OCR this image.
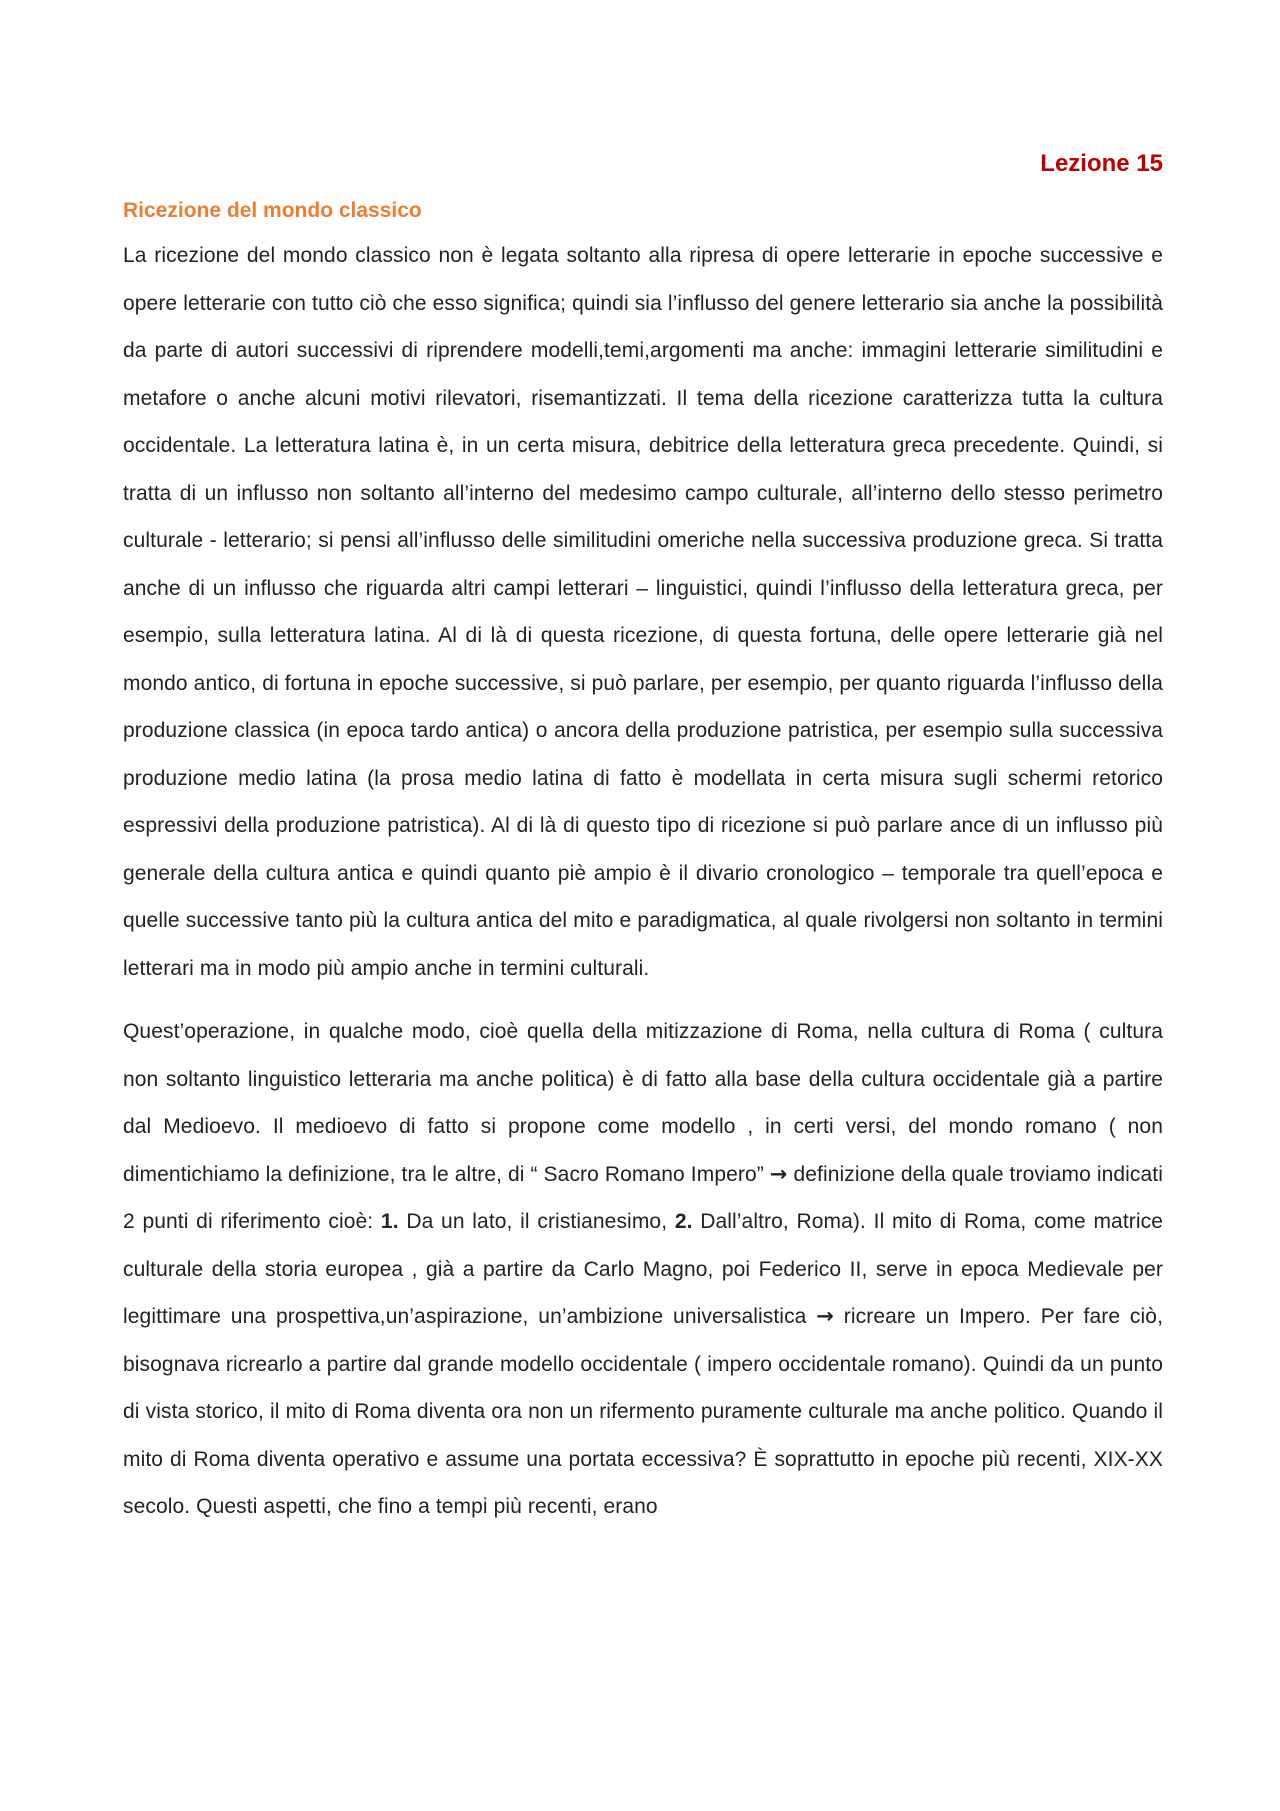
Lezione 15
Ricezione del mondo classico

La ricezione del mondo classico non è legata soltanto alla ripresa di opere letterarie in epoche successive e opere letterarie con tutto ciò che esso significa; quindi sia l’influsso del genere letterario sia anche la possibilità da parte di autori successivi di riprendere modelli,temi,argomenti ma anche: immagini letterarie similitudini e metafore o anche alcuni motivi rilevatori, risemantizzati. Il tema della ricezione caratterizza tutta la cultura occidentale. La letteratura latina è, in un certa misura, debitrice della letteratura greca precedente. Quindi, si tratta di un influsso non soltanto all’interno del medesimo campo culturale, all’interno dello stesso perimetro culturale - letterario; si pensi all’influsso delle similitudini omeriche nella successiva produzione greca. Si tratta anche di un influsso che riguarda altri campi letterari – linguistici, quindi l’influsso della letteratura greca, per esempio, sulla letteratura latina. Al di là di questa ricezione, di questa fortuna, delle opere letterarie già nel mondo antico, di fortuna in epoche successive, si può parlare, per esempio, per quanto riguarda l’influsso della produzione classica (in epoca tardo antica) o ancora della produzione patristica, per esempio sulla successiva produzione medio latina (la prosa medio latina di fatto è modellata in certa misura sugli schermi retorico espressivi della produzione patristica). Al di là di questo tipo di ricezione si può parlare ance di un influsso più generale della cultura antica e quindi quanto piè ampio è il divario cronologico – temporale tra quell’epoca e quelle successive tanto più la cultura antica del mito e paradigmatica, al quale rivolgersi non soltanto in termini letterari ma in modo più ampio anche in termini culturali.

Quest’operazione, in qualche modo, cioè quella della mitizzazione di Roma, nella cultura di Roma ( cultura non soltanto linguistico letteraria ma anche politica) è di fatto alla base della cultura occidentale già a partire dal Medioevo. Il medioevo di fatto si propone come modello , in certi versi, del mondo romano ( non dimentichiamo la definizione, tra le altre, di “ Sacro Romano Impero” → definizione della quale troviamo indicati 2 punti di riferimento cioè: 1. Da un lato, il cristianesimo, 2. Dall’altro, Roma). Il mito di Roma, come matrice culturale della storia europea , già a partire da Carlo Magno, poi Federico II, serve in epoca Medievale per legittimare una prospettiva,un’aspirazione, un’ambizione universalistica → ricreare un Impero. Per fare ciò, bisognava ricrearlo a partire dal grande modello occidentale ( impero occidentale romano). Quindi da un punto di vista storico, il mito di Roma diventa ora non un rifermento puramente culturale ma anche politico. Quando il mito di Roma diventa operativo e assume una portata eccessiva? È soprattutto in epoche più recenti, XIX-XX secolo. Questi aspetti, che fino a tempi più recenti, erano
